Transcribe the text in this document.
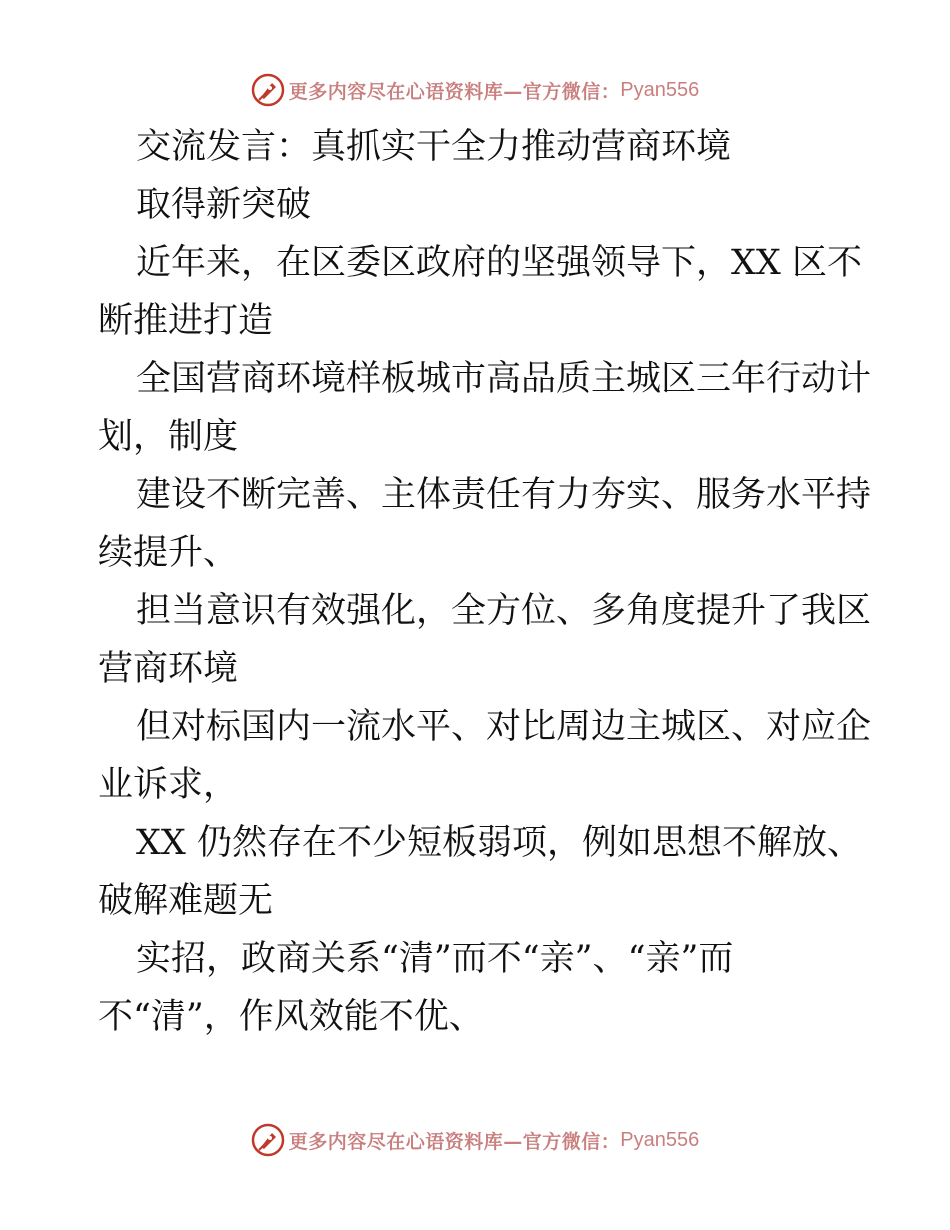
更多内容尽在心语资料库—官方微信： Pyan556
交流发言：真抓实干全力推动营商环境
取得新突破
近年来，在区委区政府的坚强领导下，XX 区不
断推进打造
全国营商环境样板城市高品质主城区三年行动计
划，制度
建设不断完善、主体责任有力夯实、服务水平持
续提升、
担当意识有效强化，全方位、多角度提升了我区
营商环境
但对标国内一流水平、对比周边主城区、对应企
业诉求，
XX 仍然存在不少短板弱项，例如思想不解放、
破解难题无
实招，政商关系“清”而不“亲”、“亲”而
不“清”，作风效能不优、
更多内容尽在心语资料库—官方微信： Pyan556
